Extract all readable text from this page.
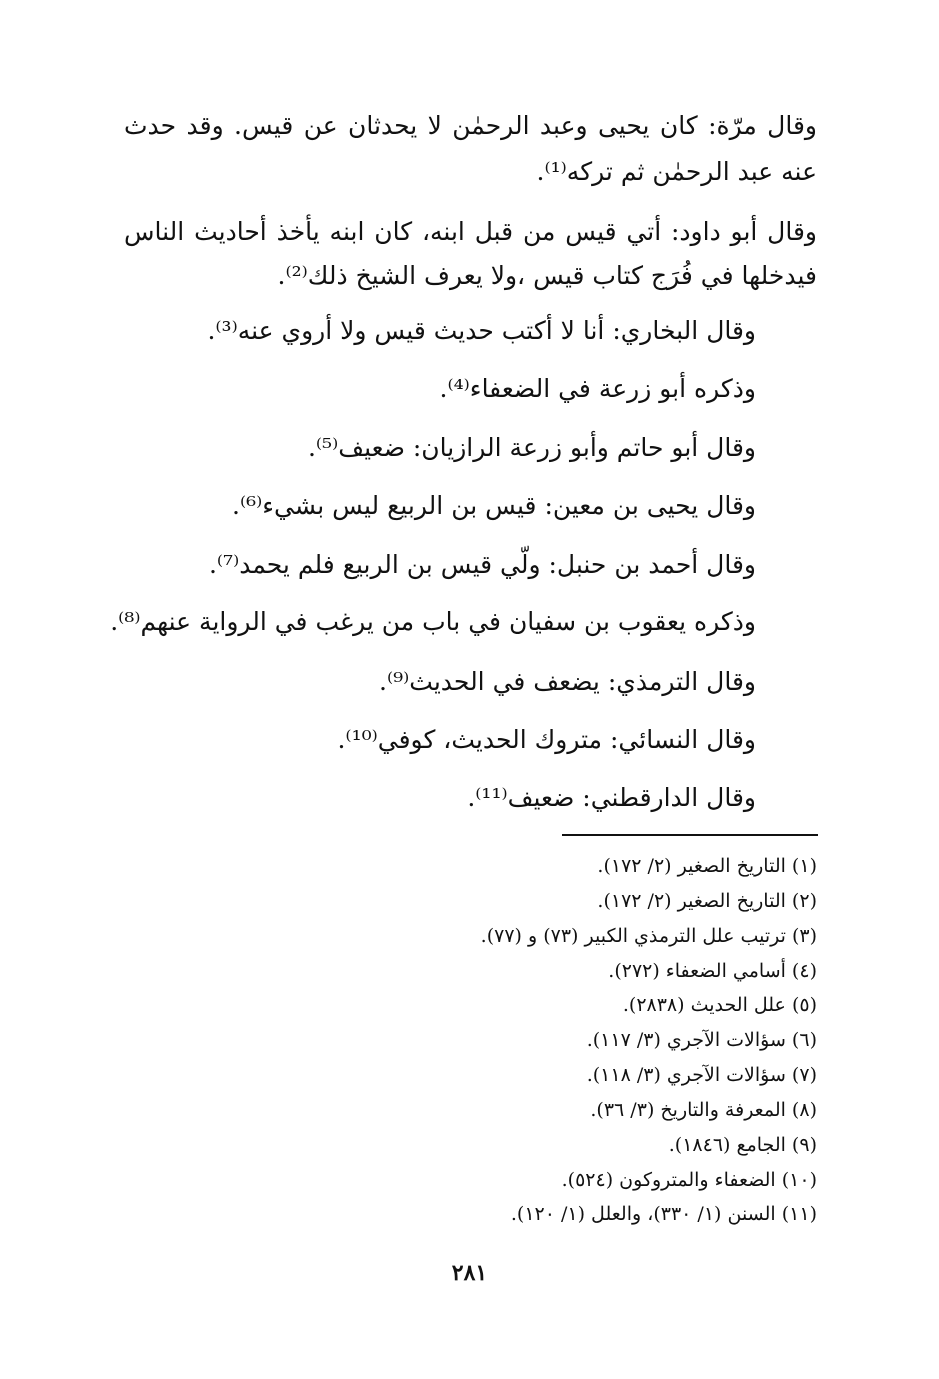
وقال مرّة: كان يحيى وعبد الرحمٰن لا يحدثان عن قيس. وقد حدث
عنه عبد الرحمٰن ثم تركه⁽¹⁾.
وقال أبو داود: أتي قيس من قبل ابنه، كان ابنه يأخذ أحاديث الناس
فيدخلها في فُرَج كتاب قيس ،ولا يعرف الشيخ ذلك⁽²⁾.
وقال البخاري: أنا لا أكتب حديث قيس ولا أروي عنه⁽³⁾.
وذكره أبو زرعة في الضعفاء⁽⁴⁾.
وقال أبو حاتم وأبو زرعة الرازيان: ضعيف⁽⁵⁾.
وقال يحيى بن معين: قيس بن الربيع ليس بشيء⁽⁶⁾.
وقال أحمد بن حنبل: ولّي قيس بن الربيع فلم يحمد⁽⁷⁾.
وذكره يعقوب بن سفيان في باب من يرغب في الرواية عنهم⁽⁸⁾.
وقال الترمذي: يضعف في الحديث⁽⁹⁾.
وقال النسائي: متروك الحديث، كوفي⁽¹⁰⁾.
وقال الدارقطني: ضعيف⁽¹¹⁾.
(١) التاريخ الصغير (٢/ ١٧٢).
(٢) التاريخ الصغير (٢/ ١٧٢).
(٣) ترتيب علل الترمذي الكبير (٧٣) و (٧٧).
(٤) أسامي الضعفاء (٢٧٢).
(٥) علل الحديث (٢٨٣٨).
(٦) سؤالات الآجري (٣/ ١١٧).
(٧) سؤالات الآجري (٣/ ١١٨).
(٨) المعرفة والتاريخ (٣/ ٣٦).
(٩) الجامع (١٨٤٦).
(١٠) الضعفاء والمتروكون (٥٢٤).
(١١) السنن (١/ ٣٣٠)، والعلل (١/ ١٢٠).
٢٨١
